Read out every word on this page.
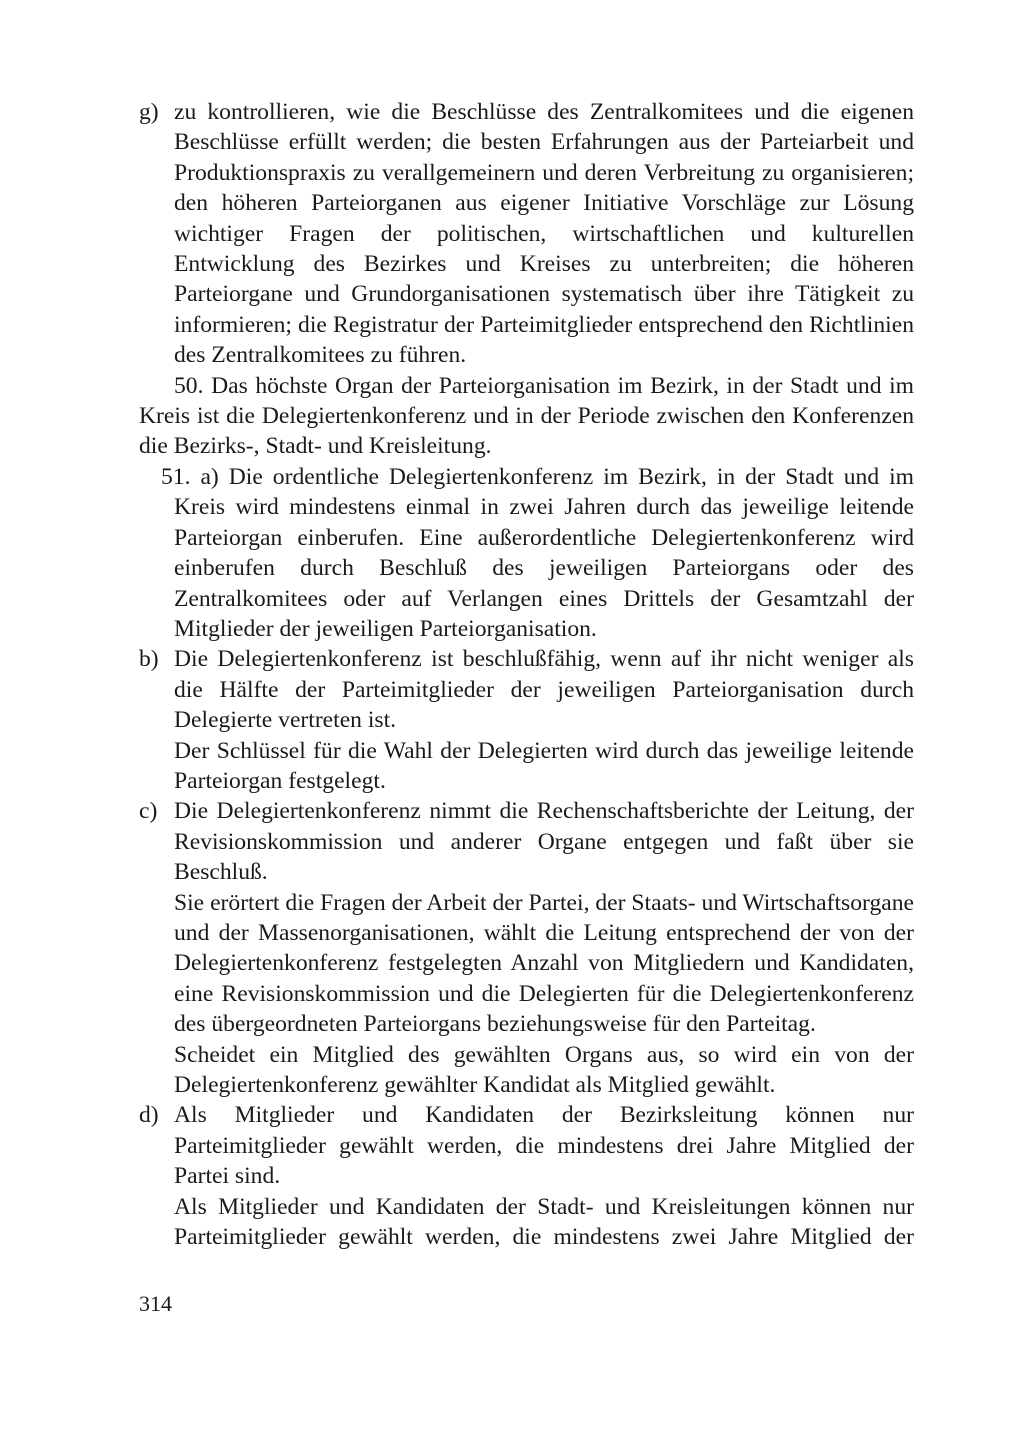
g) zu kontrollieren, wie die Beschlüsse des Zentralkomitees und die eigenen Beschlüsse erfüllt werden; die besten Erfahrungen aus der Parteiarbeit und Produktionspraxis zu verallgemeinern und deren Verbreitung zu organisieren; den höheren Parteiorganen aus eigener Initiative Vorschläge zur Lösung wichtiger Fragen der politischen, wirtschaftlichen und kulturellen Entwicklung des Bezirkes und Kreises zu unterbreiten; die höheren Parteiorgane und Grundorganisationen systematisch über ihre Tätigkeit zu informieren; die Registratur der Parteimitglieder entsprechend den Richtlinien des Zentralkomitees zu führen.

50. Das höchste Organ der Parteiorganisation im Bezirk, in der Stadt und im Kreis ist die Delegiertenkonferenz und in der Periode zwischen den Konferenzen die Bezirks-, Stadt- und Kreisleitung.

51. a) Die ordentliche Delegiertenkonferenz im Bezirk, in der Stadt und im Kreis wird mindestens einmal in zwei Jahren durch das jeweilige leitende Parteiorgan einberufen. Eine außerordentliche Delegiertenkonferenz wird einberufen durch Beschluß des jeweiligen Parteiorgans oder des Zentralkomitees oder auf Verlangen eines Drittels der Gesamtzahl der Mitglieder der jeweiligen Parteiorganisation.

b) Die Delegiertenkonferenz ist beschlußfähig, wenn auf ihr nicht weniger als die Hälfte der Parteimitglieder der jeweiligen Parteiorganisation durch Delegierte vertreten ist.

Der Schlüssel für die Wahl der Delegierten wird durch das jeweilige leitende Parteiorgan festgelegt.

c) Die Delegiertenkonferenz nimmt die Rechenschaftsberichte der Leitung, der Revisionskommission und anderer Organe entgegen und faßt über sie Beschluß.

Sie erörtert die Fragen der Arbeit der Partei, der Staats- und Wirtschaftsorgane und der Massenorganisationen, wählt die Leitung entsprechend der von der Delegiertenkonferenz festgelegten Anzahl von Mitgliedern und Kandidaten, eine Revisionskommission und die Delegierten für die Delegiertenkonferenz des übergeordneten Parteiorgans beziehungsweise für den Parteitag.

Scheidet ein Mitglied des gewählten Organs aus, so wird ein von der Delegiertenkonferenz gewählter Kandidat als Mitglied gewählt.

d) Als Mitglieder und Kandidaten der Bezirksleitung können nur Parteimitglieder gewählt werden, die mindestens drei Jahre Mitglied der Partei sind.

Als Mitglieder und Kandidaten der Stadt- und Kreisleitungen können nur Parteimitglieder gewählt werden, die mindestens zwei Jahre Mitglied der

314
